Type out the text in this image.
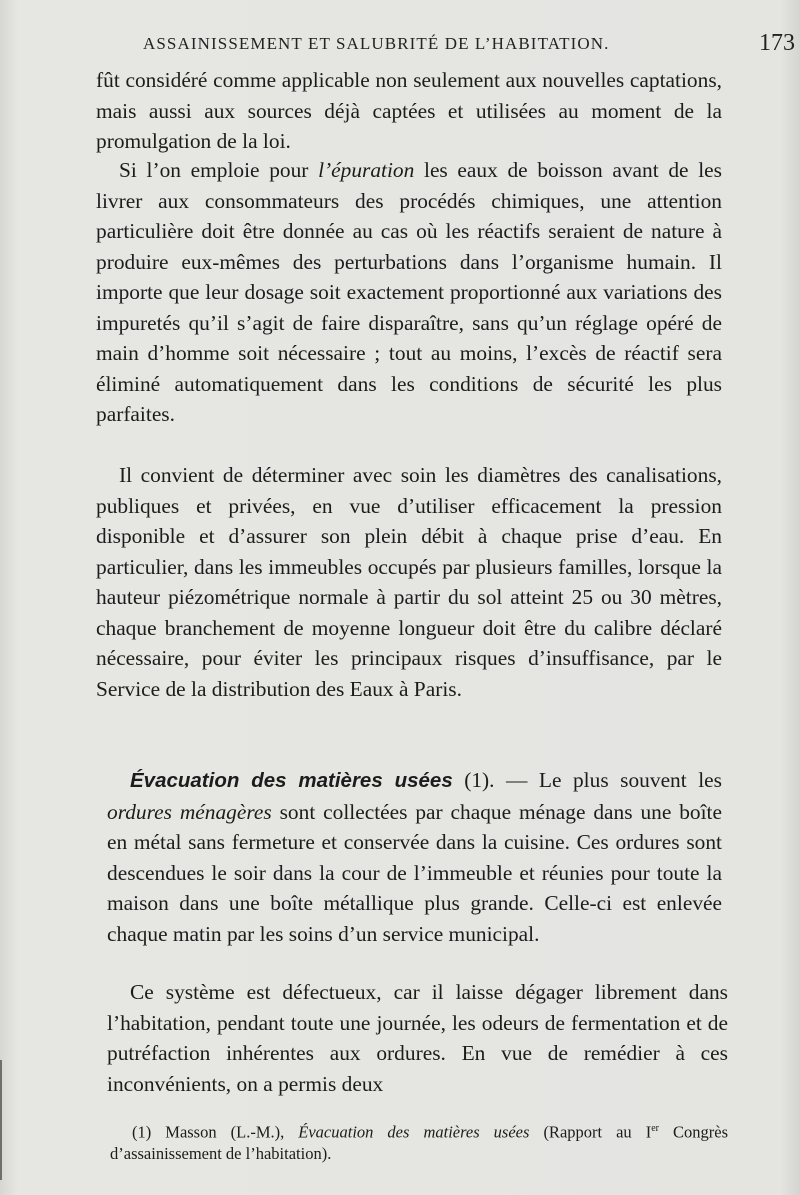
ASSAINISSEMENT ET SALUBRITÉ DE L’HABITATION.	173
fût considéré comme applicable non seulement aux nouvelles captations, mais aussi aux sources déjà captées et utilisées au moment de la promulgation de la loi.
Si l’on emploie pour l’épuration les eaux de boisson avant de les livrer aux consommateurs des procédés chimiques, une attention particulière doit être donnée au cas où les réactifs seraient de nature à produire eux-mêmes des perturbations dans l’organisme humain. Il importe que leur dosage soit exactement proportionné aux variations des impuretés qu’il s’agit de faire disparaître, sans qu’un réglage opéré de main d’homme soit nécessaire ; tout au moins, l’excès de réactif sera éliminé automatiquement dans les conditions de sécurité les plus parfaites.
Il convient de déterminer avec soin les diamètres des canalisations, publiques et privées, en vue d’utiliser efficacement la pression disponible et d’assurer son plein débit à chaque prise d’eau. En particulier, dans les immeubles occupés par plusieurs familles, lorsque la hauteur piézométrique normale à partir du sol atteint 25 ou 30 mètres, chaque branchement de moyenne longueur doit être du calibre déclaré nécessaire, pour éviter les principaux risques d’insuffisance, par le Service de la distribution des Eaux à Paris.
Évacuation des matières usées (1). — Le plus souvent les ordures ménagères sont collectées par chaque ménage dans une boîte en métal sans fermeture et conservée dans la cuisine. Ces ordures sont descendues le soir dans la cour de l’immeuble et réunies pour toute la maison dans une boîte métallique plus grande. Celle-ci est enlevée chaque matin par les soins d’un service municipal.
Ce système est défectueux, car il laisse dégager librement dans l’habitation, pendant toute une journée, les odeurs de fermentation et de putréfaction inhérentes aux ordures. En vue de remédier à ces inconvénients, on a permis deux
(1) Masson (L.-M.), Évacuation des matières usées (Rapport au Ier Congrès d’assainissement de l’habitation).
